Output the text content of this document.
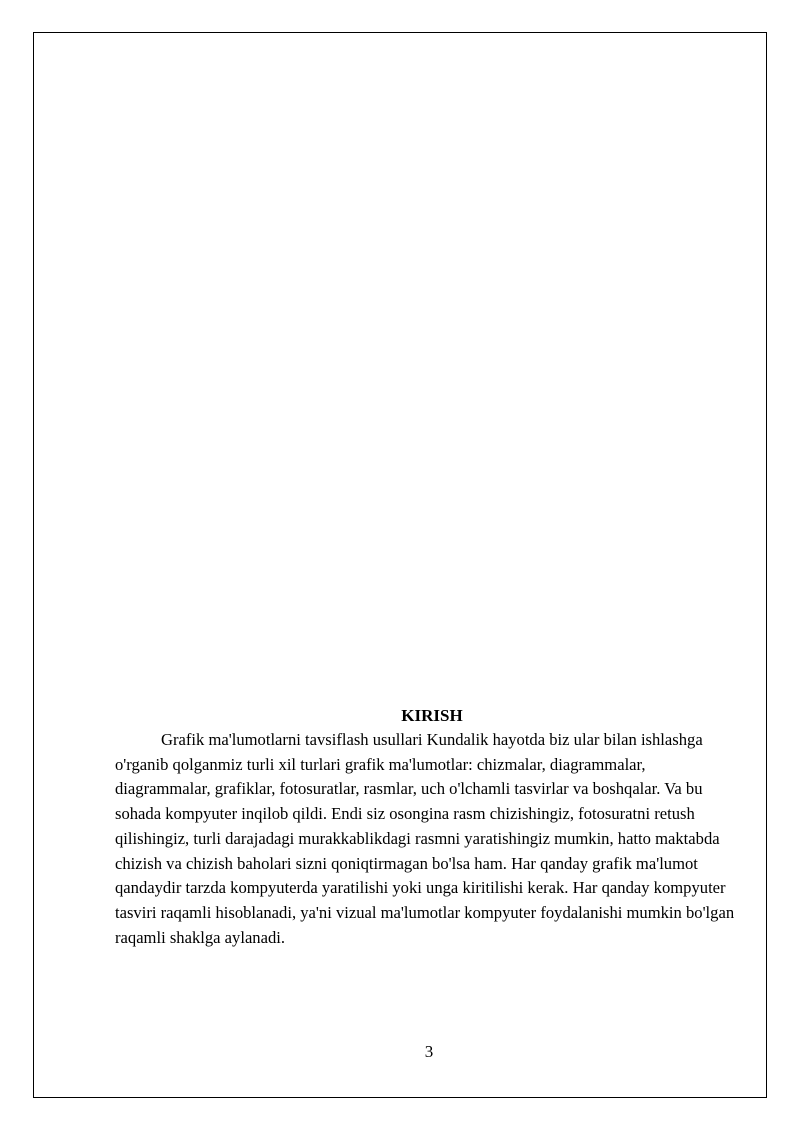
KIRISH

Grafik ma'lumotlarni tavsiflash usullari Kundalik hayotda biz ular bilan ishlashga o'rganib qolganmiz turli xil turlari grafik ma'lumotlar: chizmalar, diagrammalar, diagrammalar, grafiklar, fotosuratlar, rasmlar, uch o'lchamli tasvirlar va boshqalar. Va bu sohada kompyuter inqilob qildi. Endi siz osongina rasm chizishingiz, fotosuratni retush qilishingiz, turli darajadagi murakkablikdagi rasmni yaratishingiz mumkin, hatto maktabda chizish va chizish baholari sizni qoniqtirmagan bo'lsa ham. Har qanday grafik ma'lumot qandaydir tarzda kompyuterda yaratilishi yoki unga kiritilishi kerak. Har qanday kompyuter tasviri raqamli hisoblanadi, ya'ni vizual ma'lumotlar kompyuter foydalanishi mumkin bo'lgan raqamli shaklga aylanadi.

3
